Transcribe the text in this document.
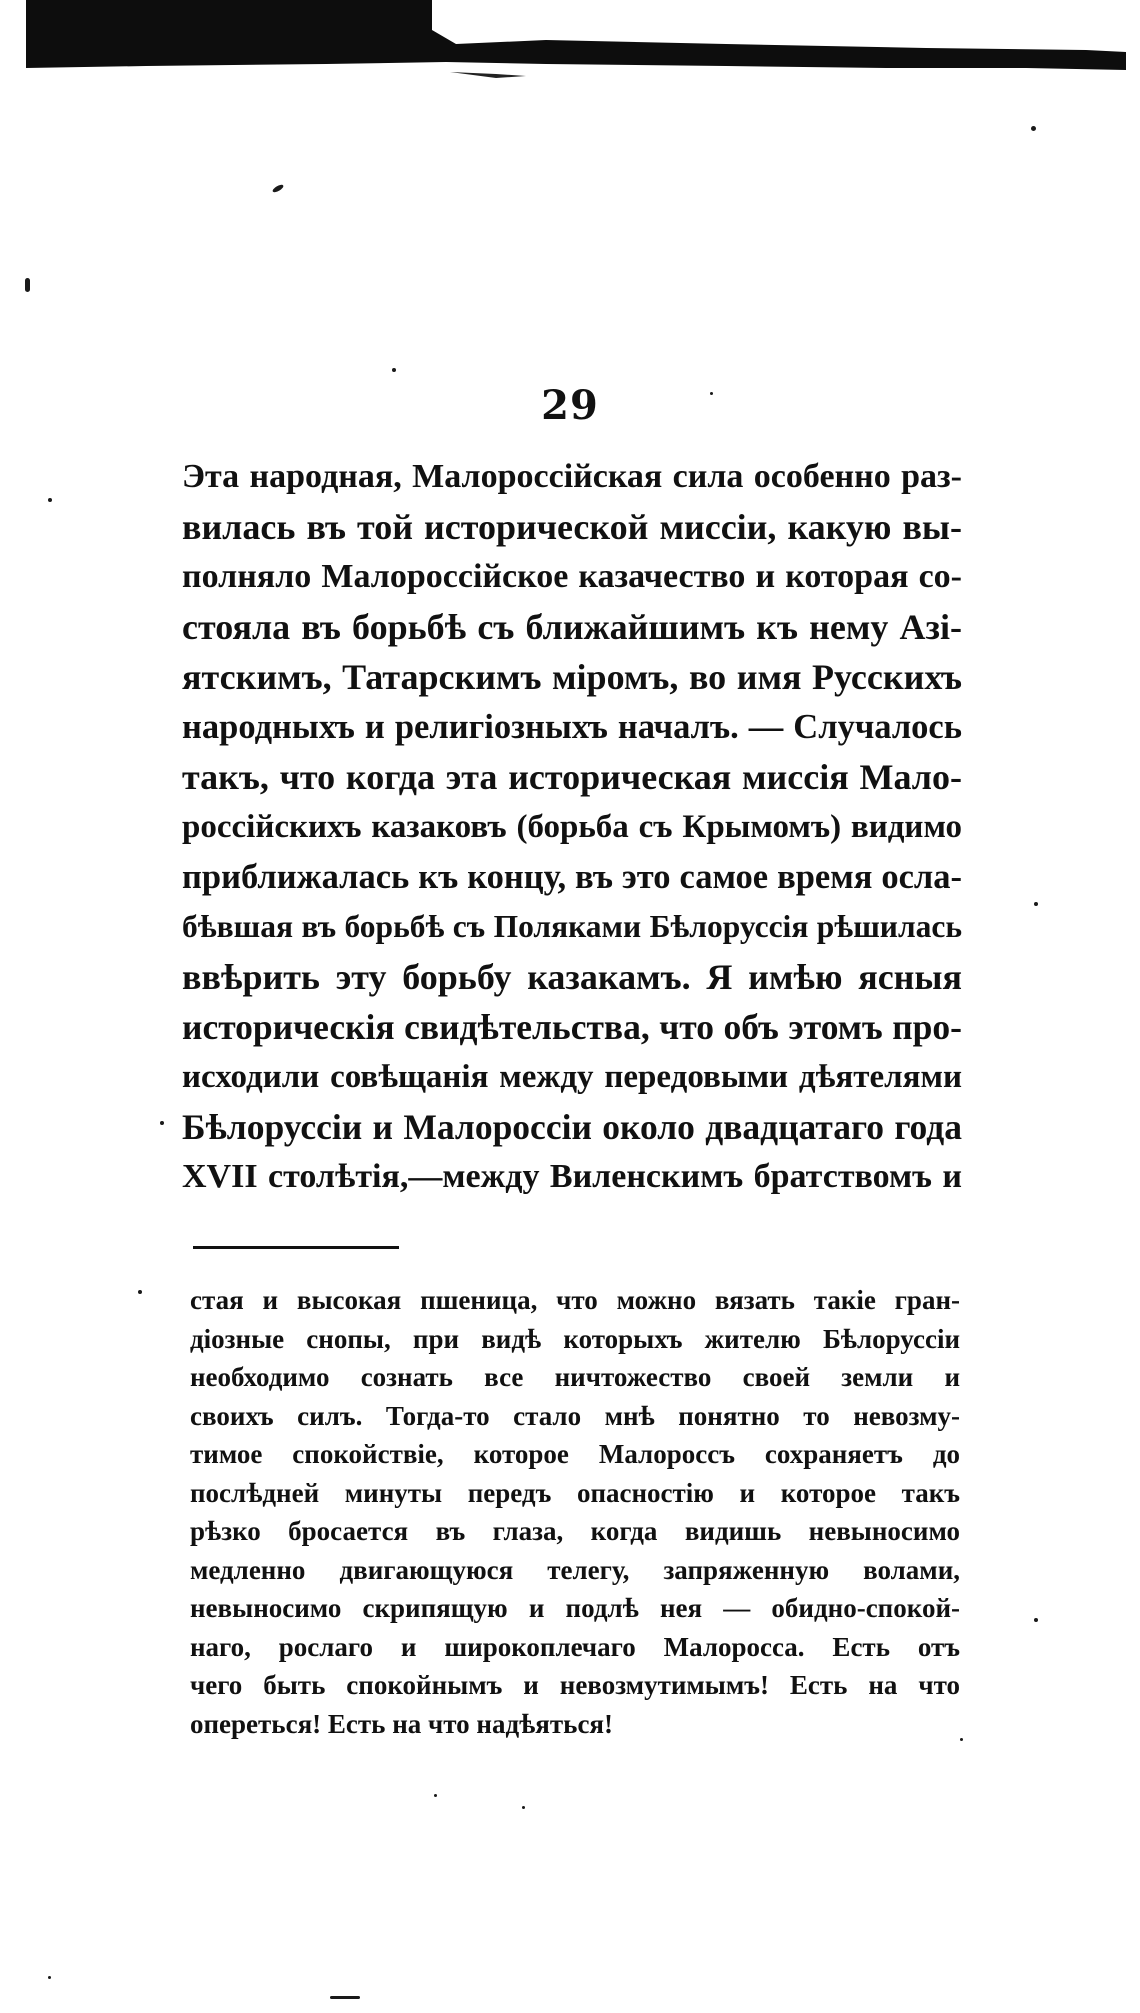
29
Эта народная, Малороссійская сила особенно раз-
вилась въ той исторической миссіи, какую вы-
полняло Малороссійское казачество и которая со-
стояла въ борьбѣ съ ближайшимъ къ нему Азі-
ятскимъ, Татарскимъ міромъ, во имя Русскихъ
народныхъ и религіозныхъ началъ. — Случалось
такъ, что когда эта историческая миссія Мало-
россійскихъ казаковъ (борьба съ Крымомъ) видимо
приближалась къ концу, въ это самое время осла-
бѣвшая въ борьбѣ съ Поляками Бѣлоруссія рѣшилась
ввѣрить эту борьбу казакамъ. Я имѣю ясныя
историческія свидѣтельства, что объ этомъ про-
исходили совѣщанія между передовыми дѣятелями
Бѣлоруссіи и Малороссіи около двадцатаго года
XVII столѣтія,—между Виленскимъ братствомъ и
стая и высокая пшеница, что можно вязать такіе гран-
діозные снопы, при видѣ которыхъ жителю Бѣлоруссіи
необходимо сознать все ничтожество своей земли и
своихъ силъ. Тогда-то стало мнѣ понятно то невозму-
тимое спокойствіе, которое Малороссъ сохраняетъ до
послѣдней минуты передъ опасностію и которое такъ
рѣзко бросается въ глаза, когда видишь невыносимо
медленно двигающуюся телегу, запряженную волами,
невыносимо скрипящую и подлѣ нея — обидно-спокой-
наго, рослаго и широкоплечаго Малоросса. Есть отъ
чего быть спокойнымъ и невозмутимымъ! Есть на что
опереться! Есть на что надѣяться!
